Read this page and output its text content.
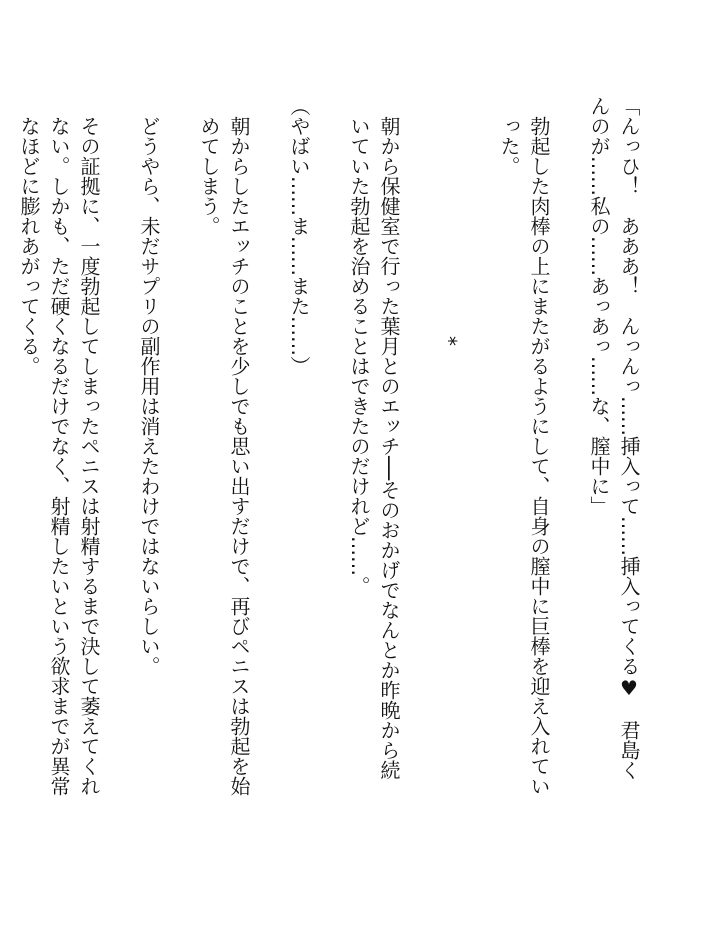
「んっひ！　あああ！　んっんっ……挿入って……挿入ってくる♥　君島くんのが……私の……あっあっ……な、膣中に」

勃起した肉棒の上にまたがるようにして、自身の膣中に巨棒を迎え入れていった。

*

朝から保健室で行った葉月とのエッチ──そのおかげでなんとか昨晩から続いていた勃起を治めることはできたのだけれど……。

（やばい……ま……また……）

朝からしたエッチのことを少しでも思い出すだけで、再びペニスは勃起を始めてしまう。

どうやら、未だサプリの副作用は消えたわけではないらしい。

その証拠に、一度勃起してしまったペニスは射精するまで決して萎えてくれない。しかも、ただ硬くなるだけでなく、射精したいという欲求までが異常なほどに膨れあがってくる。
